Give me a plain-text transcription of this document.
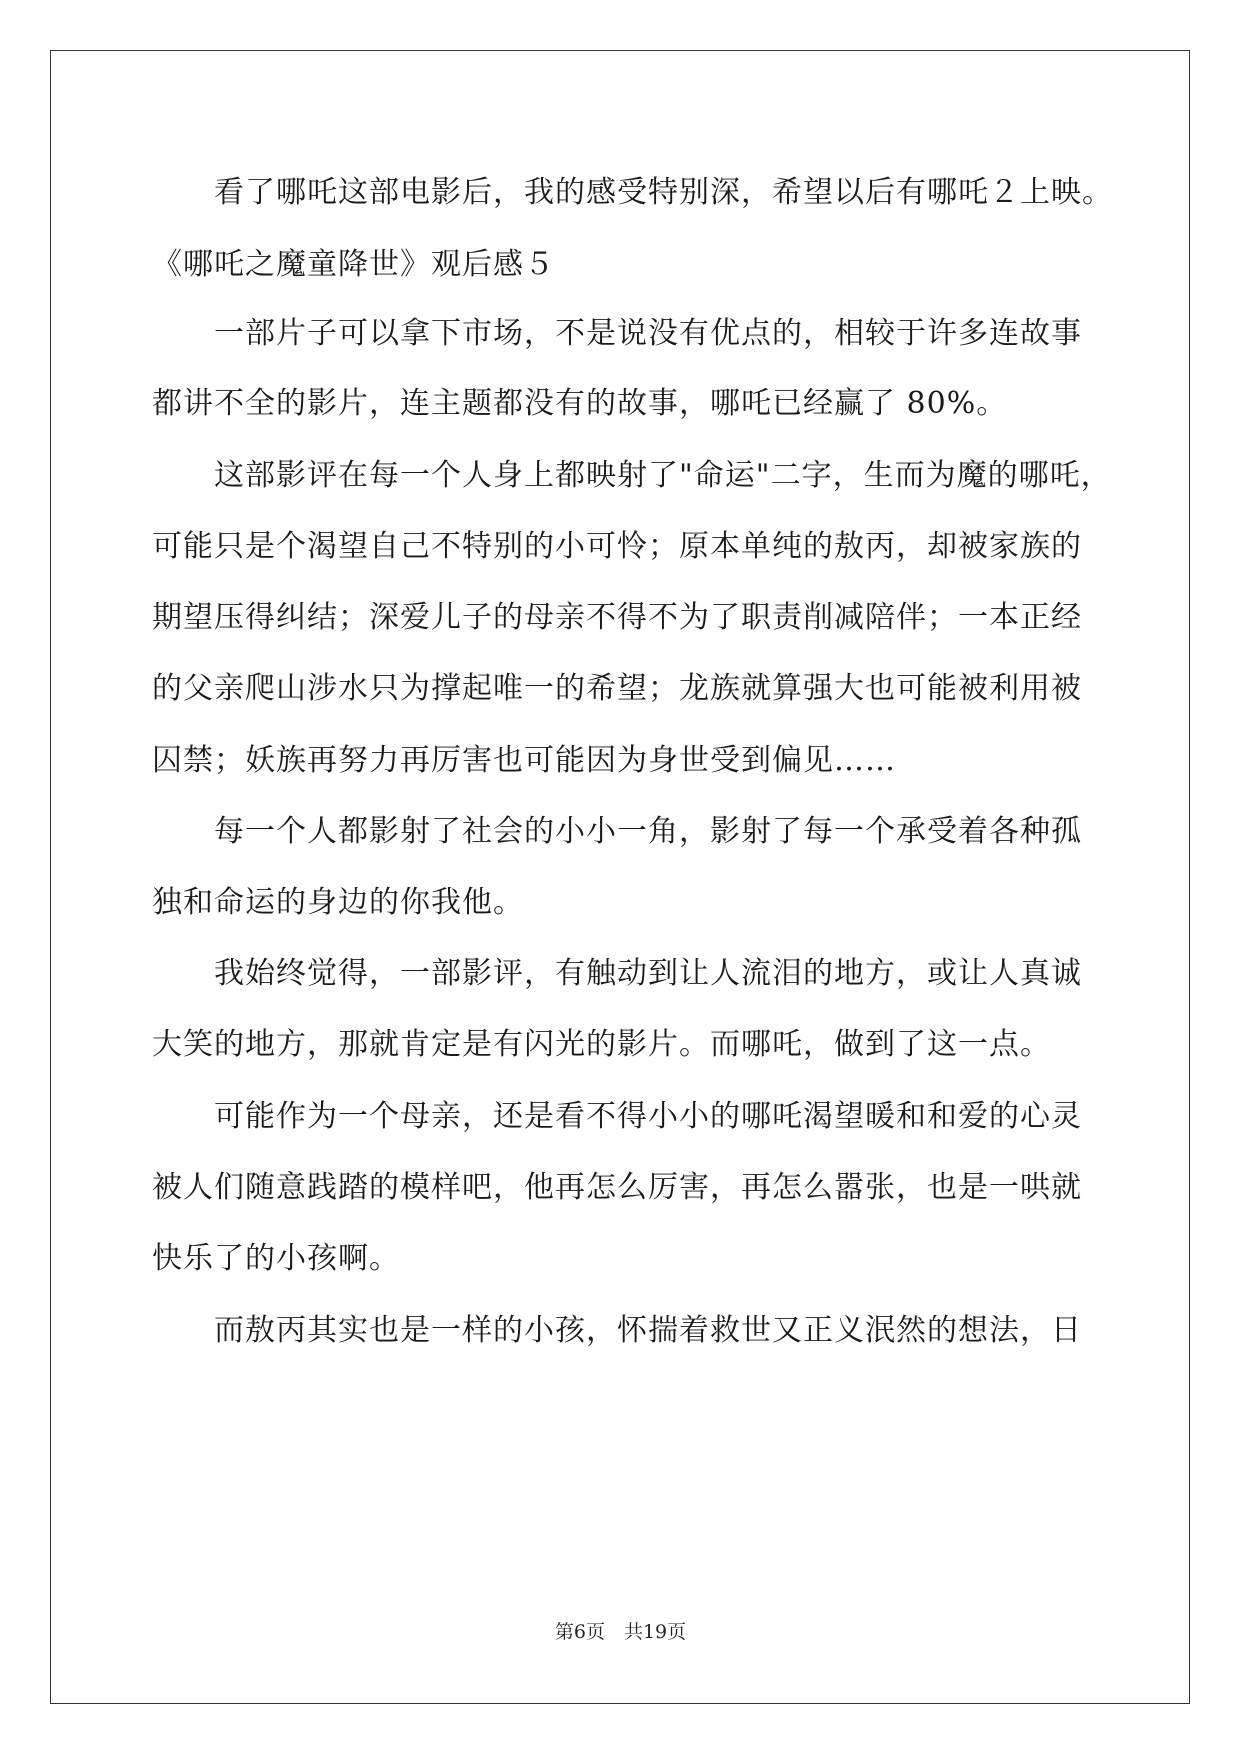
看了哪吒这部电影后，我的感受特别深，希望以后有哪吒２上映。
《哪吒之魔童降世》观后感５
一部片子可以拿下市场，不是说没有优点的，相较于许多连故事
都讲不全的影片，连主题都没有的故事，哪吒已经赢了 80%。
这部影评在每一个人身上都映射了"命运"二字，生而为魔的哪吒，
可能只是个渴望自己不特别的小可怜；原本单纯的敖丙，却被家族的
期望压得纠结；深爱儿子的母亲不得不为了职责削减陪伴；一本正经
的父亲爬山涉水只为撑起唯一的希望；龙族就算强大也可能被利用被
囚禁；妖族再努力再厉害也可能因为身世受到偏见……
每一个人都影射了社会的小小一角，影射了每一个承受着各种孤
独和命运的身边的你我他。
我始终觉得，一部影评，有触动到让人流泪的地方，或让人真诚
大笑的地方，那就肯定是有闪光的影片。而哪吒，做到了这一点。
可能作为一个母亲，还是看不得小小的哪吒渴望暖和和爱的心灵
被人们随意践踏的模样吧，他再怎么厉害，再怎么嚣张，也是一哄就
快乐了的小孩啊。
而敖丙其实也是一样的小孩，怀揣着救世又正义泯然的想法，日
第6页　共19页
